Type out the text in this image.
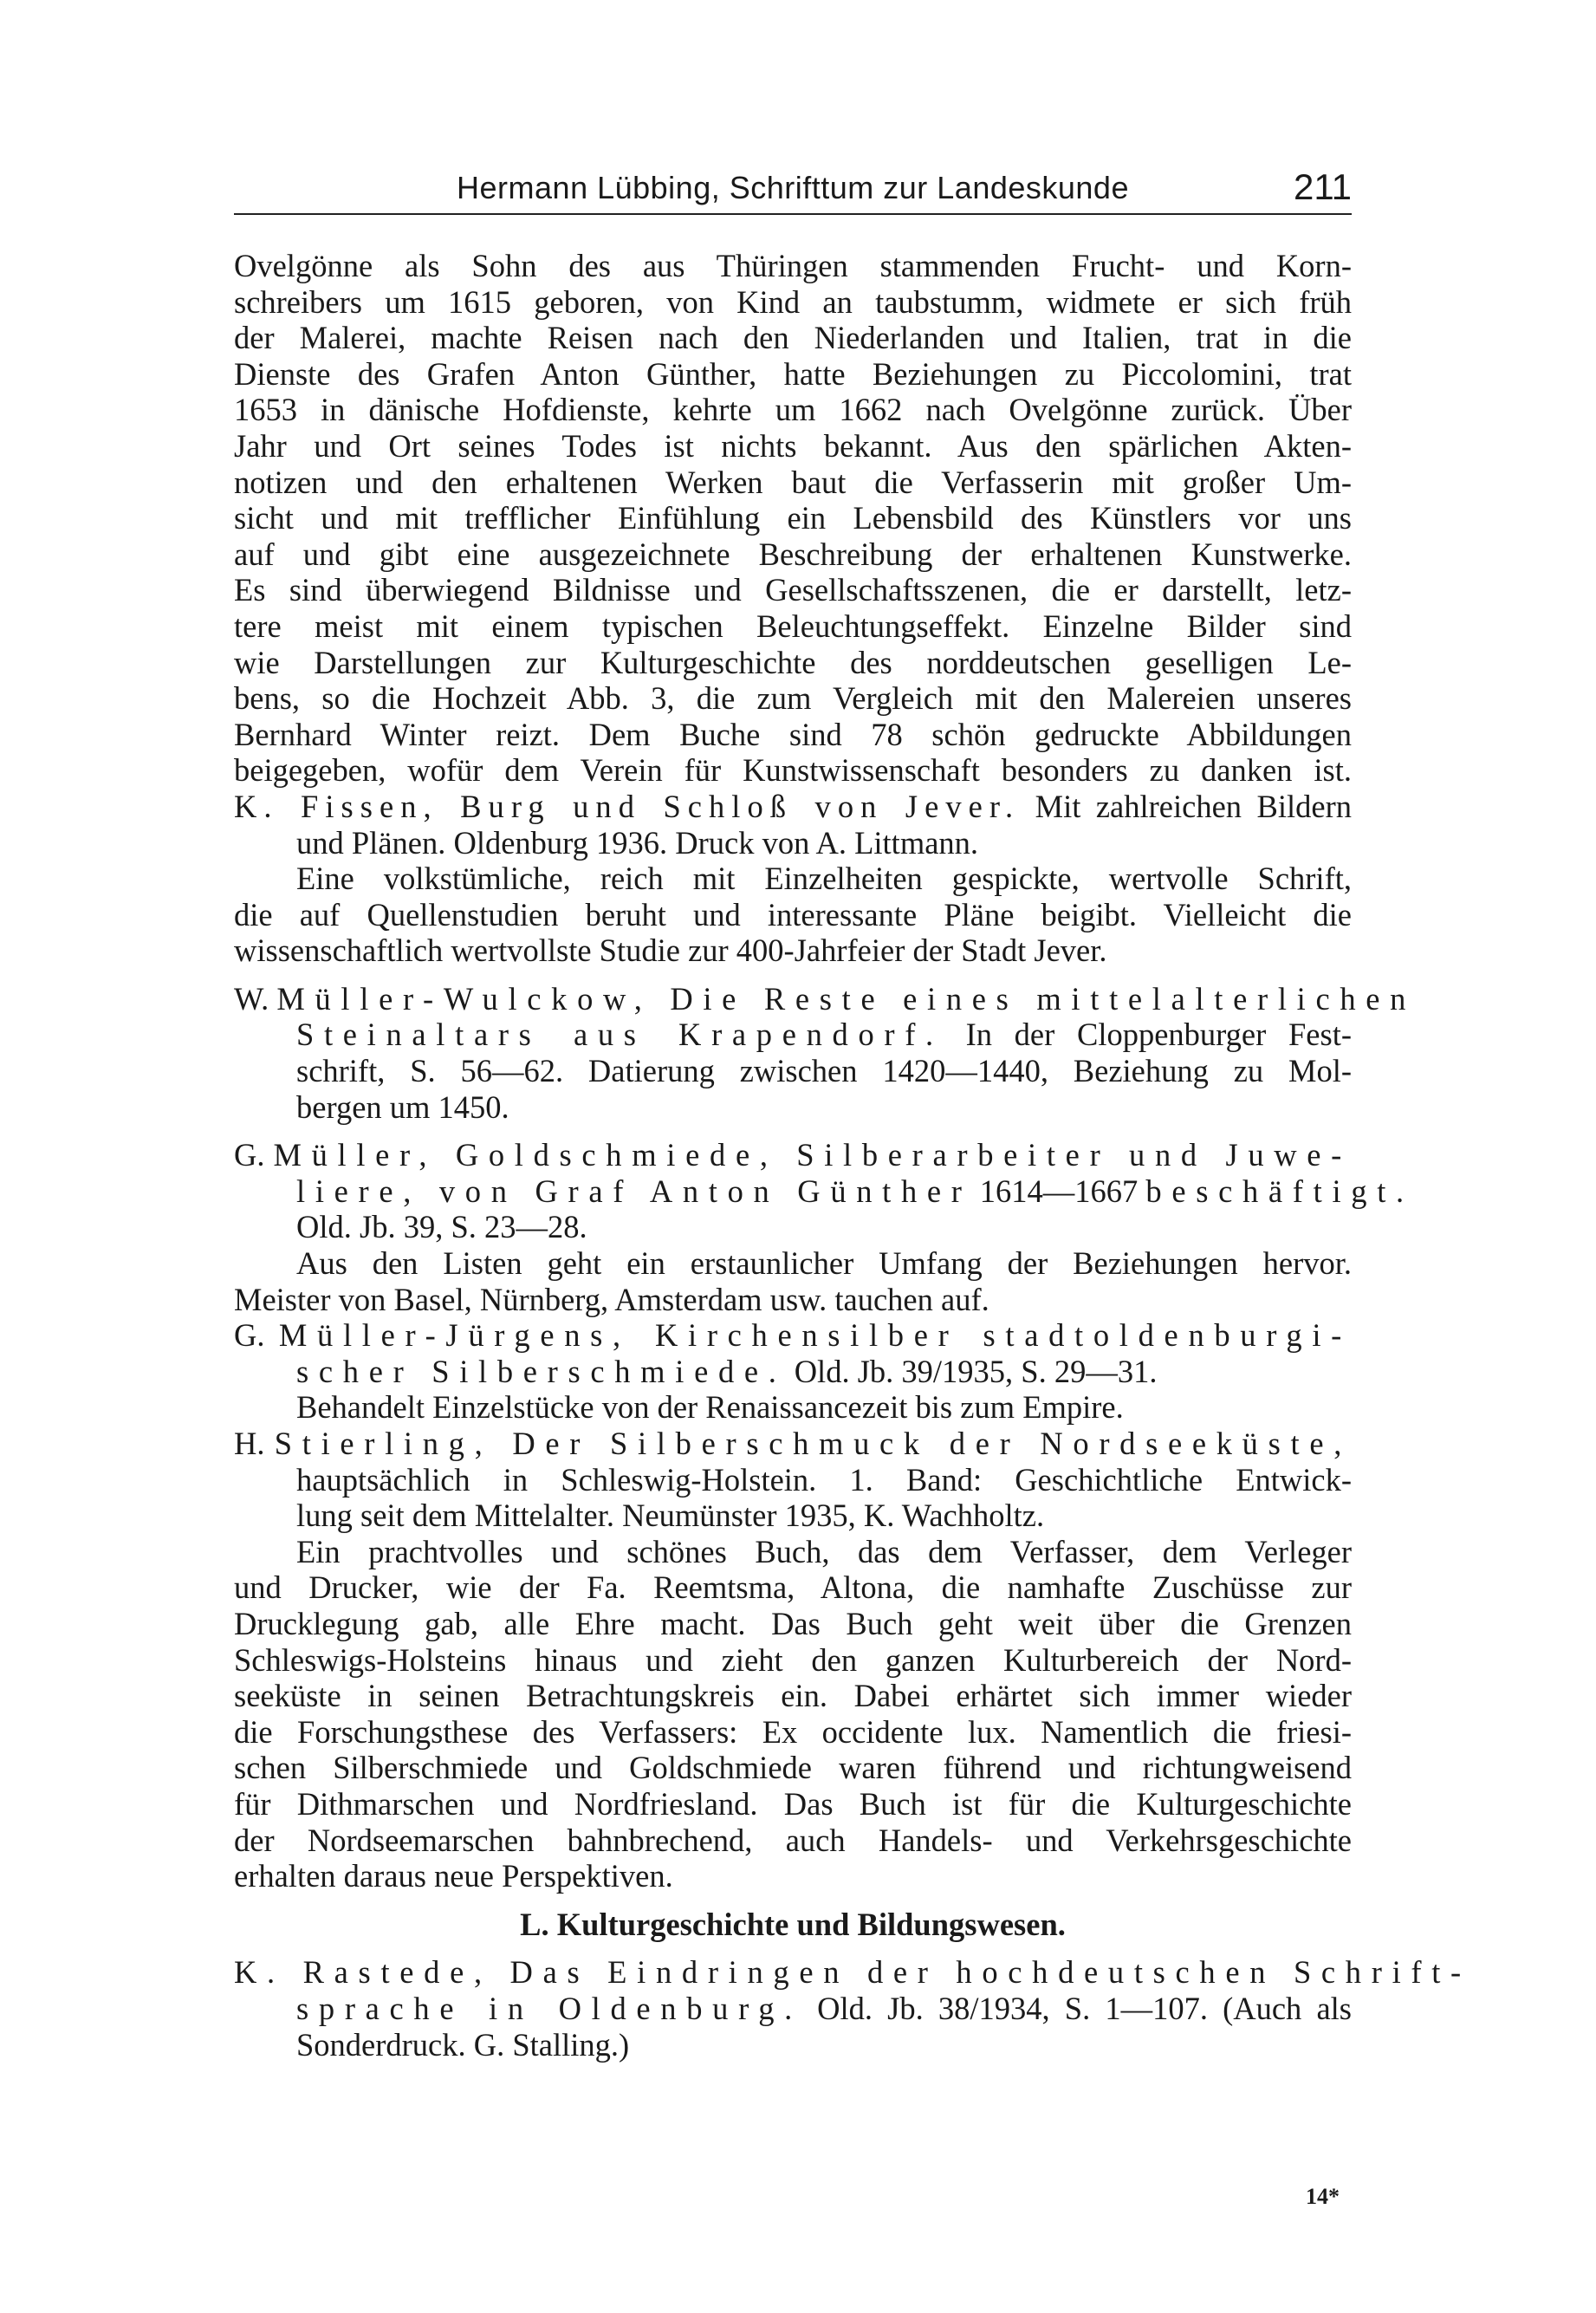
Hermann Lübbing, Schrifttum zur Landeskunde	211
Ovelgönne als Sohn des aus Thüringen stammenden Frucht- und Korn-
schreibers um 1615 geboren, von Kind an taubstumm, widmete er sich früh
der Malerei, machte Reisen nach den Niederlanden und Italien, trat in die
Dienste des Grafen Anton Günther, hatte Beziehungen zu Piccolomini, trat
1653 in dänische Hofdienste, kehrte um 1662 nach Ovelgönne zurück. Über
Jahr und Ort seines Todes ist nichts bekannt. Aus den spärlichen Akten-
notizen und den erhaltenen Werken baut die Verfasserin mit großer Um-
sicht und mit trefflicher Einfühlung ein Lebensbild des Künstlers vor uns
auf und gibt eine ausgezeichnete Beschreibung der erhaltenen Kunstwerke.
Es sind überwiegend Bildnisse und Gesellschaftsszenen, die er darstellt, letz-
tere meist mit einem typischen Beleuchtungseffekt. Einzelne Bilder sind
wie Darstellungen zur Kulturgeschichte des norddeutschen geselligen Le-
bens, so die Hochzeit Abb. 3, die zum Vergleich mit den Malereien unseres
Bernhard Winter reizt. Dem Buche sind 78 schön gedruckte Abbildungen
beigegeben, wofür dem Verein für Kunstwissenschaft besonders zu danken ist.
K. Fissen, Burg und Schloß von Jever. Mit zahlreichen Bildern
und Plänen. Oldenburg 1936. Druck von A. Littmann.
Eine volkstümliche, reich mit Einzelheiten gespickte, wertvolle Schrift,
die auf Quellenstudien beruht und interessante Pläne beigibt. Vielleicht die
wissenschaftlich wertvollste Studie zur 400-Jahrfeier der Stadt Jever.
W. Müller-Wulckow, Die Reste eines mittelalterlichen
Steinaltars aus Krapendorf. In der Cloppenburger Fest-
schrift, S. 56—62. Datierung zwischen 1420—1440, Beziehung zu Mol-
bergen um 1450.
G. Müller, Goldschmiede, Silberarbeiter und Juwe-
liere, von Graf Anton Günther 1614—1667 beschäftigt.
Old. Jb. 39, S. 23—28.
Aus den Listen geht ein erstaunlicher Umfang der Beziehungen hervor.
Meister von Basel, Nürnberg, Amsterdam usw. tauchen auf.
G. Müller-Jürgens, Kirchensilber stadtoldenburgi-
scher Silberschmiede. Old. Jb. 39/1935, S. 29—31.
Behandelt Einzelstücke von der Renaissancezeit bis zum Empire.
H. Stierling, Der Silberschmuck der Nordseeküste,
hauptsächlich in Schleswig-Holstein. 1. Band: Geschichtliche Entwick-
lung seit dem Mittelalter. Neumünster 1935, K. Wachholtz.
Ein prachtvolles und schönes Buch, das dem Verfasser, dem Verleger
und Drucker, wie der Fa. Reemtsma, Altona, die namhafte Zuschüsse zur
Drucklegung gab, alle Ehre macht. Das Buch geht weit über die Grenzen
Schleswigs-Holsteins hinaus und zieht den ganzen Kulturbereich der Nord-
seeküste in seinen Betrachtungskreis ein. Dabei erhärtet sich immer wieder
die Forschungsthese des Verfassers: Ex occidente lux. Namentlich die friesi-
schen Silberschmiede und Goldschmiede waren führend und richtungweisend
für Dithmarschen und Nordfriesland. Das Buch ist für die Kulturgeschichte
der Nordseemarschen bahnbrechend, auch Handels- und Verkehrsgeschichte
erhalten daraus neue Perspektiven.
L. Kulturgeschichte und Bildungswesen.
K. Rastede, Das Eindringen der hochdeutschen Schrift-
sprache in Oldenburg. Old. Jb. 38/1934, S. 1—107. (Auch als
Sonderdruck. G. Stalling.)
14*
